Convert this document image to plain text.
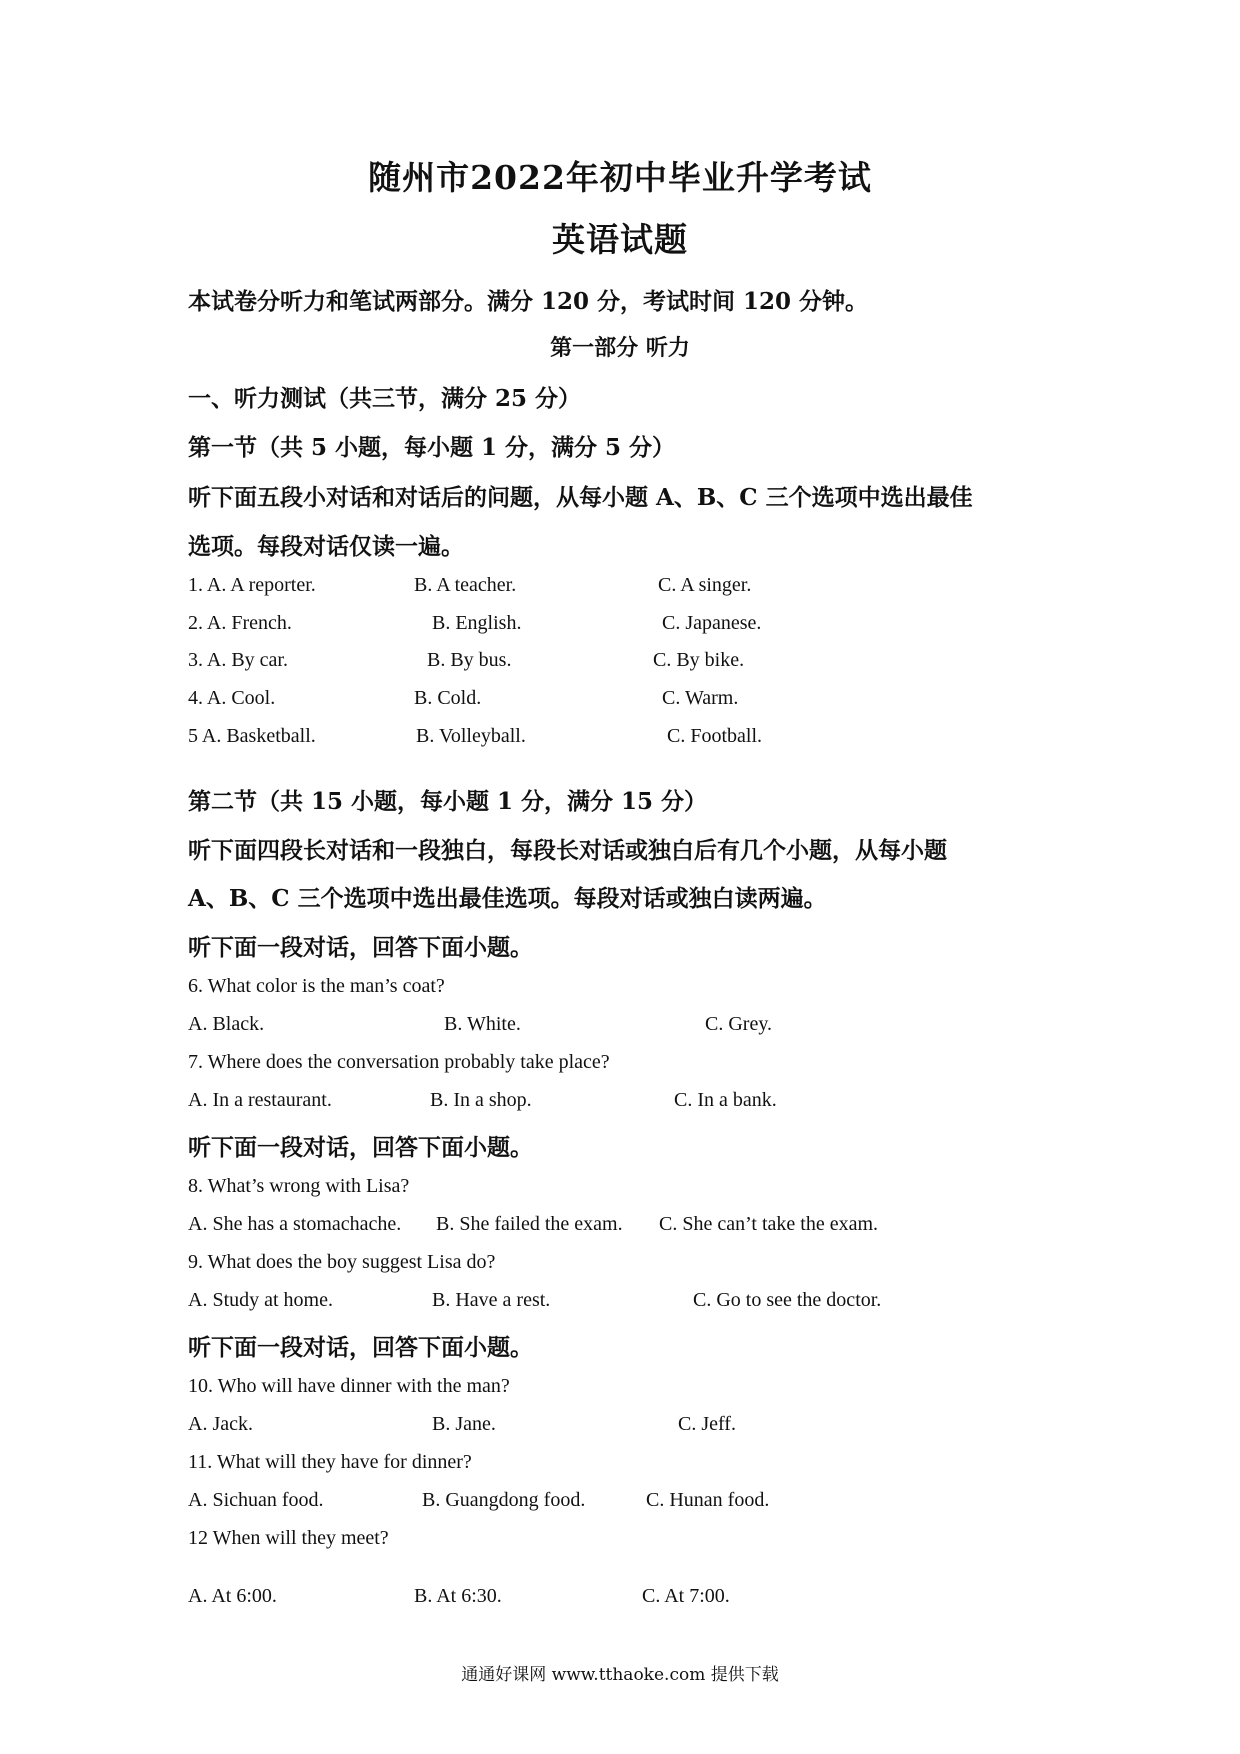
随州市2022年初中毕业升学考试
英语试题
本试卷分听力和笔试两部分。满分 120 分，考试时间 120 分钟。
第一部分 听力
一、听力测试（共三节，满分 25 分）
第一节（共 5 小题，每小题 1 分，满分 5 分）
听下面五段小对话和对话后的问题，从每小题 A、B、C 三个选项中选出最佳
选项。每段对话仅读一遍。
1. A. A reporter.	B. A teacher.	C. A singer.
2. A. French.	B. English.	C. Japanese.
3. A. By car.	B. By bus.	C. By bike.
4. A. Cool.	B. Cold.	C. Warm.
5 A. Basketball.	B. Volleyball.	C. Football.
第二节（共 15 小题，每小题 1 分，满分 15 分）
听下面四段长对话和一段独白，每段长对话或独白后有几个小题，从每小题
A、B、C 三个选项中选出最佳选项。每段对话或独白读两遍。
听下面一段对话，回答下面小题。
6. What color is the man’s coat?
A. Black.	B. White.	C. Grey.
7. Where does the conversation probably take place?
A. In a restaurant.	B. In a shop.	C. In a bank.
听下面一段对话，回答下面小题。
8. What’s wrong with Lisa?
A. She has a stomachache. B. She failed the exam. C. She can’t take the exam.
9. What does the boy suggest Lisa do?
A. Study at home.	B. Have a rest.	C. Go to see the doctor.
听下面一段对话，回答下面小题。
10. Who will have dinner with the man?
A. Jack.	B. Jane.	C. Jeff.
11. What will they have for dinner?
A. Sichuan food.	B. Guangdong food.	C. Hunan food.
12 When will they meet?
A. At 6:00.	B. At 6:30.	C. At 7:00.
通通好课网 www.tthaoke.com 提供下载
